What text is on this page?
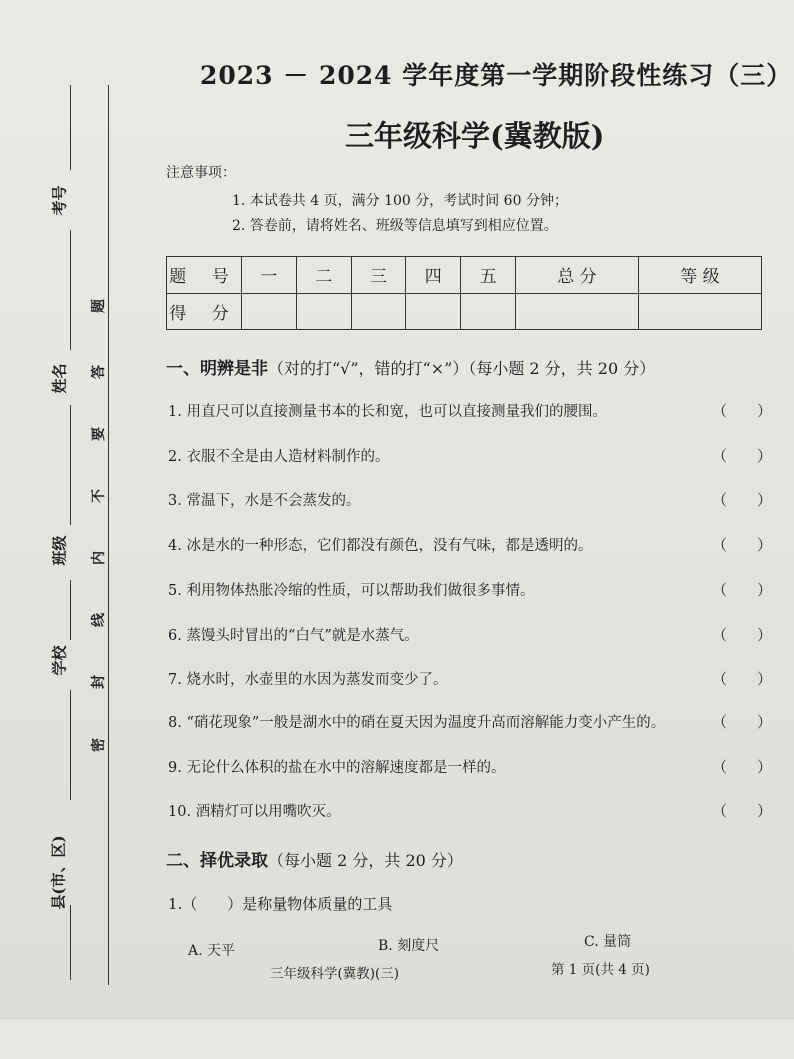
考号
姓名
班级
学校
县(市、区)
密
封
线
内
不
要
答
题
2023 － 2024 学年度第一学期阶段性练习（三）
三年级科学(冀教版)
注意事项：
1. 本试卷共 4 页，满分 100 分，考试时间 60 分钟；
2. 答卷前，请将姓名、班级等信息填写到相应位置。
题 号	一	二	三	四	五	总 分	等 级
得 分							
一、明辨是非（对的打“√”，错的打“×”）（每小题 2 分，共 20 分）
1. 用直尺可以直接测量书本的长和宽，也可以直接测量我们的腰围。	（　　）
2. 衣服不全是由人造材料制作的。	（　　）
3. 常温下，水是不会蒸发的。	（　　）
4. 冰是水的一种形态，它们都没有颜色，没有气味，都是透明的。	（　　）
5. 利用物体热胀冷缩的性质，可以帮助我们做很多事情。	（　　）
6. 蒸馒头时冒出的“白气”就是水蒸气。	（　　）
7. 烧水时，水壶里的水因为蒸发而变少了。	（　　）
8. “硝花现象”一般是湖水中的硝在夏天因为温度升高而溶解能力变小产生的。	（　　）
9. 无论什么体积的盐在水中的溶解速度都是一样的。	（　　）
10. 酒精灯可以用嘴吹灭。	（　　）
二、择优录取（每小题 2 分，共 20 分）
1.（　　）是称量物体质量的工具
A. 天平	B. 刻度尺	C. 量筒
三年级科学(冀教)(三)	第 1 页(共 4 页)
